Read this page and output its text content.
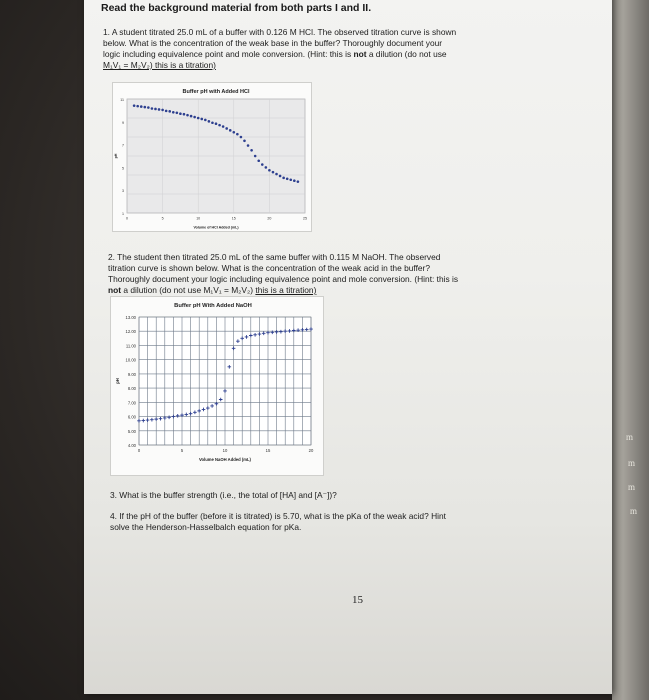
m
m
m
m
Read the background material from both parts I and II.
1. A student titrated 25.0 mL of a buffer with 0.126 M HCl. The observed titration curve is shown
below. What is the concentration of the weak base in the buffer? Thoroughly document your
logic including equivalence point and mole conversion. (Hint: this is not a dilution (do not use
M₁V₁ = M₂V₂) this is a titration)
Buffer pH with Added HCl
11
9
7
5
3
1
0	5	10	15	20	25
Volume of HCl Added (mL)
pH
2. The student then titrated 25.0 mL of the same buffer with 0.115 M NaOH. The observed
titration curve is shown below. What is the concentration of the weak acid in the buffer?
Thoroughly document your logic including equivalence point and mole conversion. (Hint: this is
not a dilution (do not use M₁V₁ = M₂V₂) this is a titration)
Buffer pH With Added NaOH
13.00
12.00
11.00
10.00
9.00
8.00
7.00
6.00
5.00
4.00
0	5	10	15	20
Volume NaOH Added (mL)
pH
3. What is the buffer strength (i.e., the total of [HA] and [A⁻])?
4. If the pH of the buffer (before it is titrated) is 5.70, what is the pKa of the weak acid? Hint
solve the Henderson-Hasselbalch equation for pKa.
15
